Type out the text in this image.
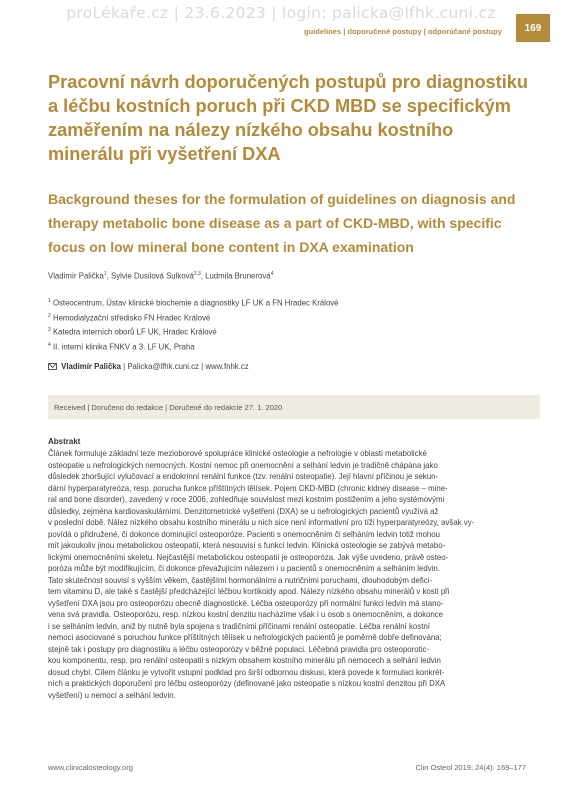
proLékaře.cz | 23.6.2023 | login: palicka@lfhk.cuni.cz
guidelines | doporučené postupy | odporúčané postupy	169
Pracovní návrh doporučených postupů pro diagnostiku a léčbu kostních poruch při CKD MBD se specifickým zaměřením na nálezy nízkého obsahu kostního minerálu při vyšetření DXA
Background theses for the formulation of guidelines on diagnosis and therapy metabolic bone disease as a part of CKD-MBD, with specific focus on low mineral bone content in DXA examination
Vladimír Palička$^1$, Sylvie Dusilová Sulková$^{2,3}$, Ludmila Brunerová$^4$
$^1$ Osteocentrum, Ústav klinické biochemie a diagnostiky LF UK a FN Hradec Králové
$^2$ Hemodialyzační středisko FN Hradec Králové
$^3$ Katedra interních oborů LF UK, Hradec Králové
$^4$ II. interní klinika FNKV a 3. LF UK, Praha
Vladimír Palička | Palicka@lfhk.cuni.cz | www.fnhk.cz
Received | Doručeno do redakce | Doručené do redakcie 27. 1. 2020
Abstrakt
Článek formuluje základní teze mezioborové spolupráce klinické osteologie a nefrologie v oblasti metabolické
osteopatie u nefrologických nemocných. Kostní nemoc při onemocnění a selhání ledvin je tradičně chápána jako
důsledek zhoršující vylučovací a endokrinní renální funkce (tzv. renální osteopatie). Její hlavní příčinou je sekun-
dární hyperparatyreóza, resp. porucha funkce příštítných tělísek. Pojem CKD-MBD (chronic kidney disease – mine-
ral and bone disorder), zavedený v roce 2006, zohledňuje souvislost mezi kostním postižením a jeho systémovými
důsledky, zejména kardiovaskulárními. Denzitometrické vyšetření (DXA) se u nefrologických pacientů využívá až
v poslední době. Nález nízkého obsahu kostního minerálu u nich sice není informativní pro tíži hyperparatyreózy, avšak vy-
povídá o přidružené, či dokonce dominující osteoporóze. Pacienti s onemocněním či selháním ledvin totiž mohou
mít jakoukoliv jinou metabolickou osteopatii, která nesouvisí s funkcí ledvin. Klinická osteologie se zabývá metabo-
lickými onemocněními skeletu. Nejčastější metabolickou osteopatií je osteoporóza. Jak výše uvedeno, právě osteo-
poróza může být modifikujícím, či dokonce převažujícím nálezem i u pacientů s onemocněním a selháním ledvin.
Tato skutečnost souvisí s vyšším věkem, častějšími hormonálními a nutričními poruchami, dlouhodobým defici-
tem vitaminu D, ale také s častější předcházející léčbou kortikoidy apod. Nálezy nízkého obsahu minerálů v kosti při
vyšetření DXA jsou pro osteoporózu obecně diagnostické. Léčba osteoporózy při normální funkci ledvin má stano-
vena svá pravidla. Osteoporózu, resp. nízkou kostní denzitu nacházíme však i u osob s onemocněním, a dokonce
i se selháním ledvin, aniž by nutně byla spojena s tradičními příčinami renální osteopatie. Léčba renální kostní
nemoci asociované s poruchou funkce příštítných tělísek u nefrologických pacientů je poměrně dobře definována;
stejně tak i postupy pro diagnostiku a léčbu osteoporózy v běžné populaci. Léčebná pravidla pro osteoporotic-
kou komponentu, resp. pro renální osteopatii s nízkým obsahem kostního minerálu při nemocech a selhání ledvin
dosud chybí. Cílem článku je vytvořit vstupní podklad pro širší odbornou diskusi, která povede k formulaci konkrét-
ních a praktických doporučení pro léčbu osteoporózy (definované jako osteopatie s nízkou kostní denzitou při DXA
vyšetření) u nemocí a selhání ledvin.
www.clinicalosteology.org	Clin Osteol 2019; 24(4): 169–177
